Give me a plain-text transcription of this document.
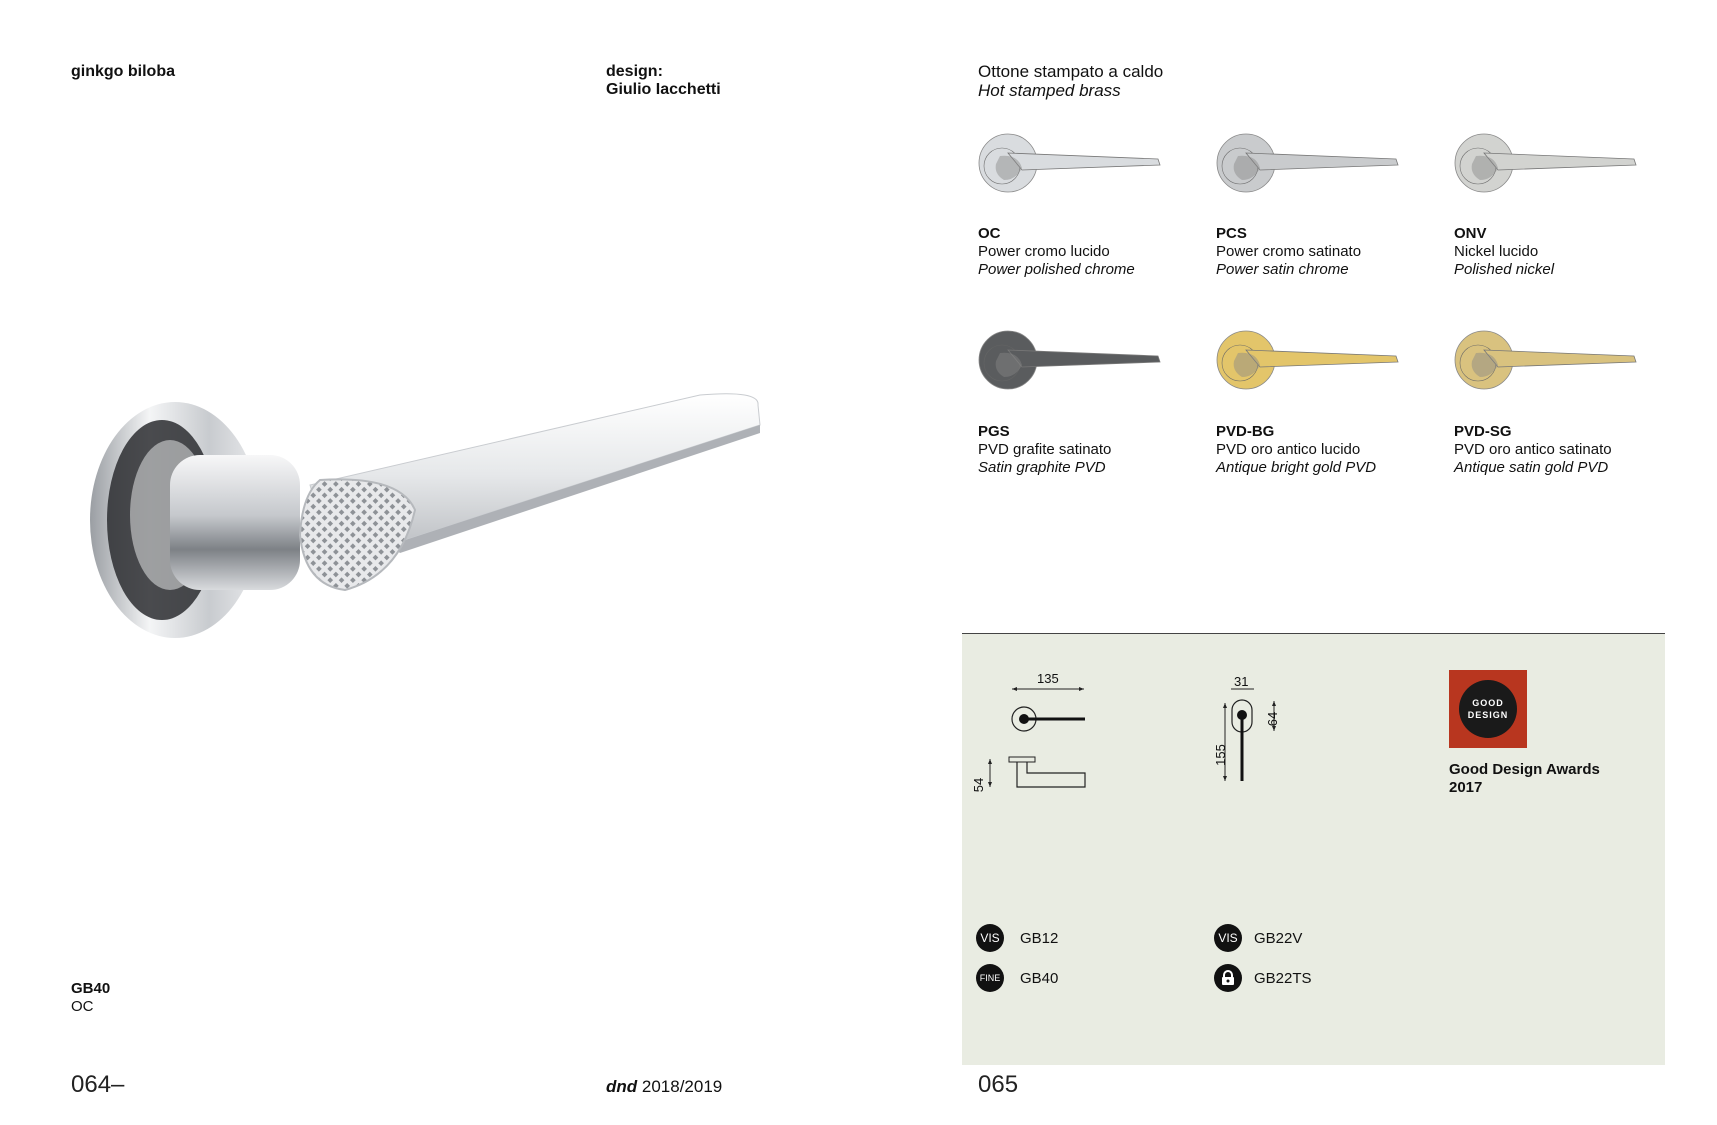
ginkgo biloba	design:
Giulio Iacchetti
GB40
OC
064–	dnd 2018/2019
Ottone stampato a caldo
Hot stamped brass
OC
Power cromo lucido
Power polished chrome
PCS
Power cromo satinato
Power satin chrome
ONV
Nickel lucido
Polished nickel
PGS
PVD grafite satinato
Satin graphite PVD
PVD-BG
PVD oro antico lucido
Antique bright gold PVD
PVD-SG
PVD oro antico satinato
Antique satin gold PVD
135
54
31
155
64
GOOD
DESIGN
Good Design Awards
2017
VIS GB12
FINE GB40
VIS GB22V
GB22TS
065
